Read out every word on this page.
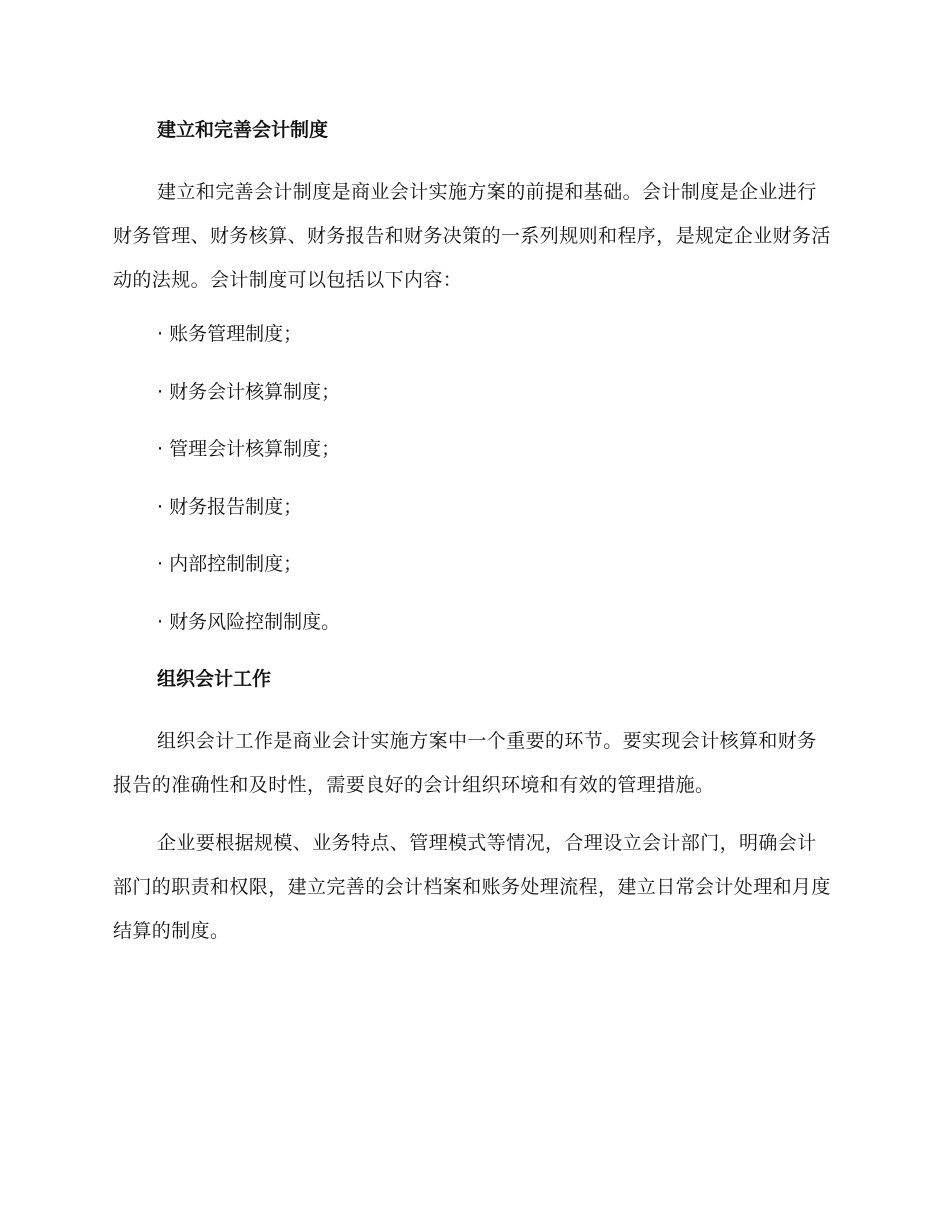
建立和完善会计制度

建立和完善会计制度是商业会计实施方案的前提和基础。会计制度是企业进行财务管理、财务核算、财务报告和财务决策的一系列规则和程序，是规定企业财务活动的法规。会计制度可以包括以下内容：

· 账务管理制度；
· 财务会计核算制度；
· 管理会计核算制度；
· 财务报告制度；
· 内部控制制度；
· 财务风险控制制度。
组织会计工作

组织会计工作是商业会计实施方案中一个重要的环节。要实现会计核算和财务报告的准确性和及时性，需要良好的会计组织环境和有效的管理措施。

企业要根据规模、业务特点、管理模式等情况，合理设立会计部门，明确会计部门的职责和权限，建立完善的会计档案和账务处理流程，建立日常会计处理和月度结算的制度。
